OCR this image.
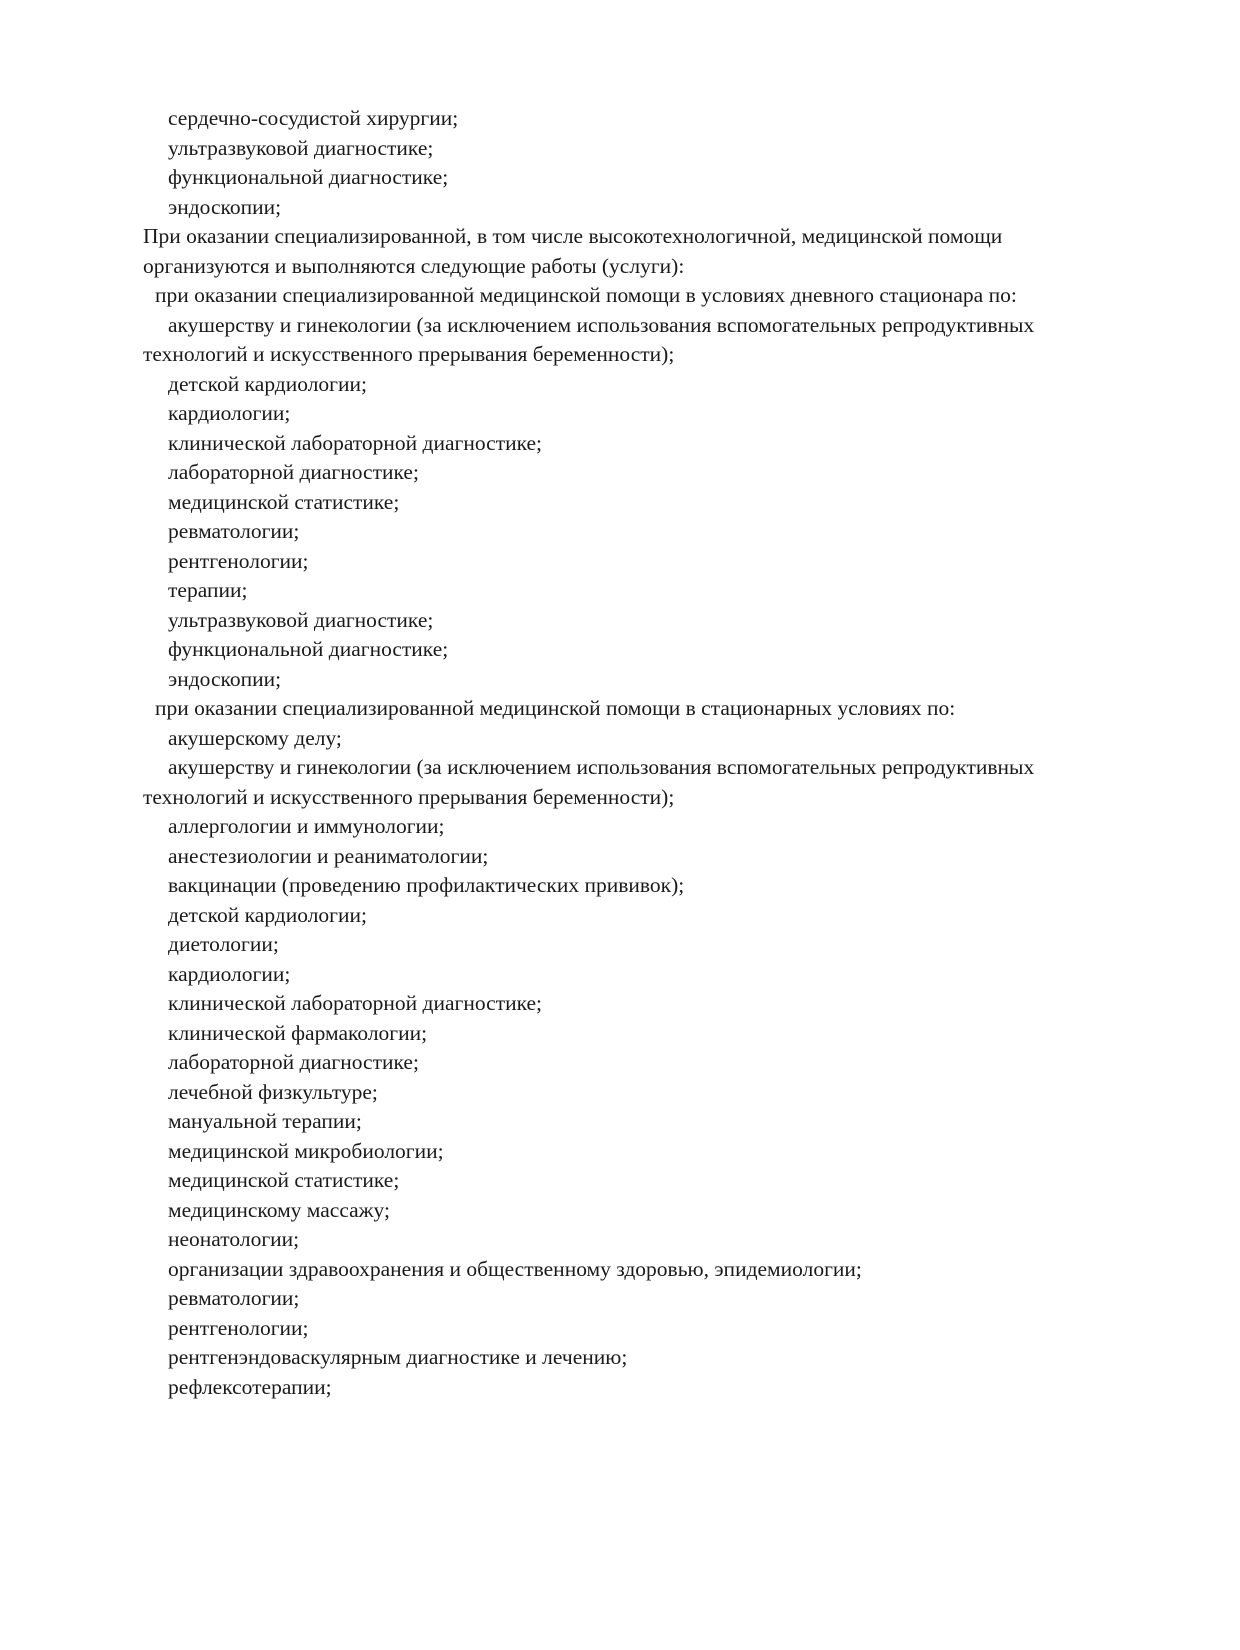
сердечно-сосудистой хирургии;

ультразвуковой диагностике;

функциональной диагностике;

эндоскопии;

При оказании специализированной, в том числе высокотехнологичной, медицинской помощи

организуются и выполняются следующие работы (услуги):

при оказании специализированной медицинской помощи в условиях дневного стационара по:

акушерству и гинекологии (за исключением использования вспомогательных репродуктивных

технологий и искусственного прерывания беременности);

детской кардиологии;

кардиологии;

клинической лабораторной диагностике;

лабораторной диагностике;

медицинской статистике;

ревматологии;

рентгенологии;

терапии;

ультразвуковой диагностике;

функциональной диагностике;

эндоскопии;

при оказании специализированной медицинской помощи в стационарных условиях по:

акушерскому делу;

акушерству и гинекологии (за исключением использования вспомогательных репродуктивных

технологий и искусственного прерывания беременности);

аллергологии и иммунологии;

анестезиологии и реаниматологии;

вакцинации (проведению профилактических прививок);

детской кардиологии;

диетологии;

кардиологии;

клинической лабораторной диагностике;

клинической фармакологии;

лабораторной диагностике;

лечебной физкультуре;

мануальной терапии;

медицинской микробиологии;

медицинской статистике;

медицинскому массажу;

неонатологии;

организации здравоохранения и общественному здоровью, эпидемиологии;

ревматологии;

рентгенологии;

рентгенэндоваскулярным диагностике и лечению;

рефлексотерапии;
